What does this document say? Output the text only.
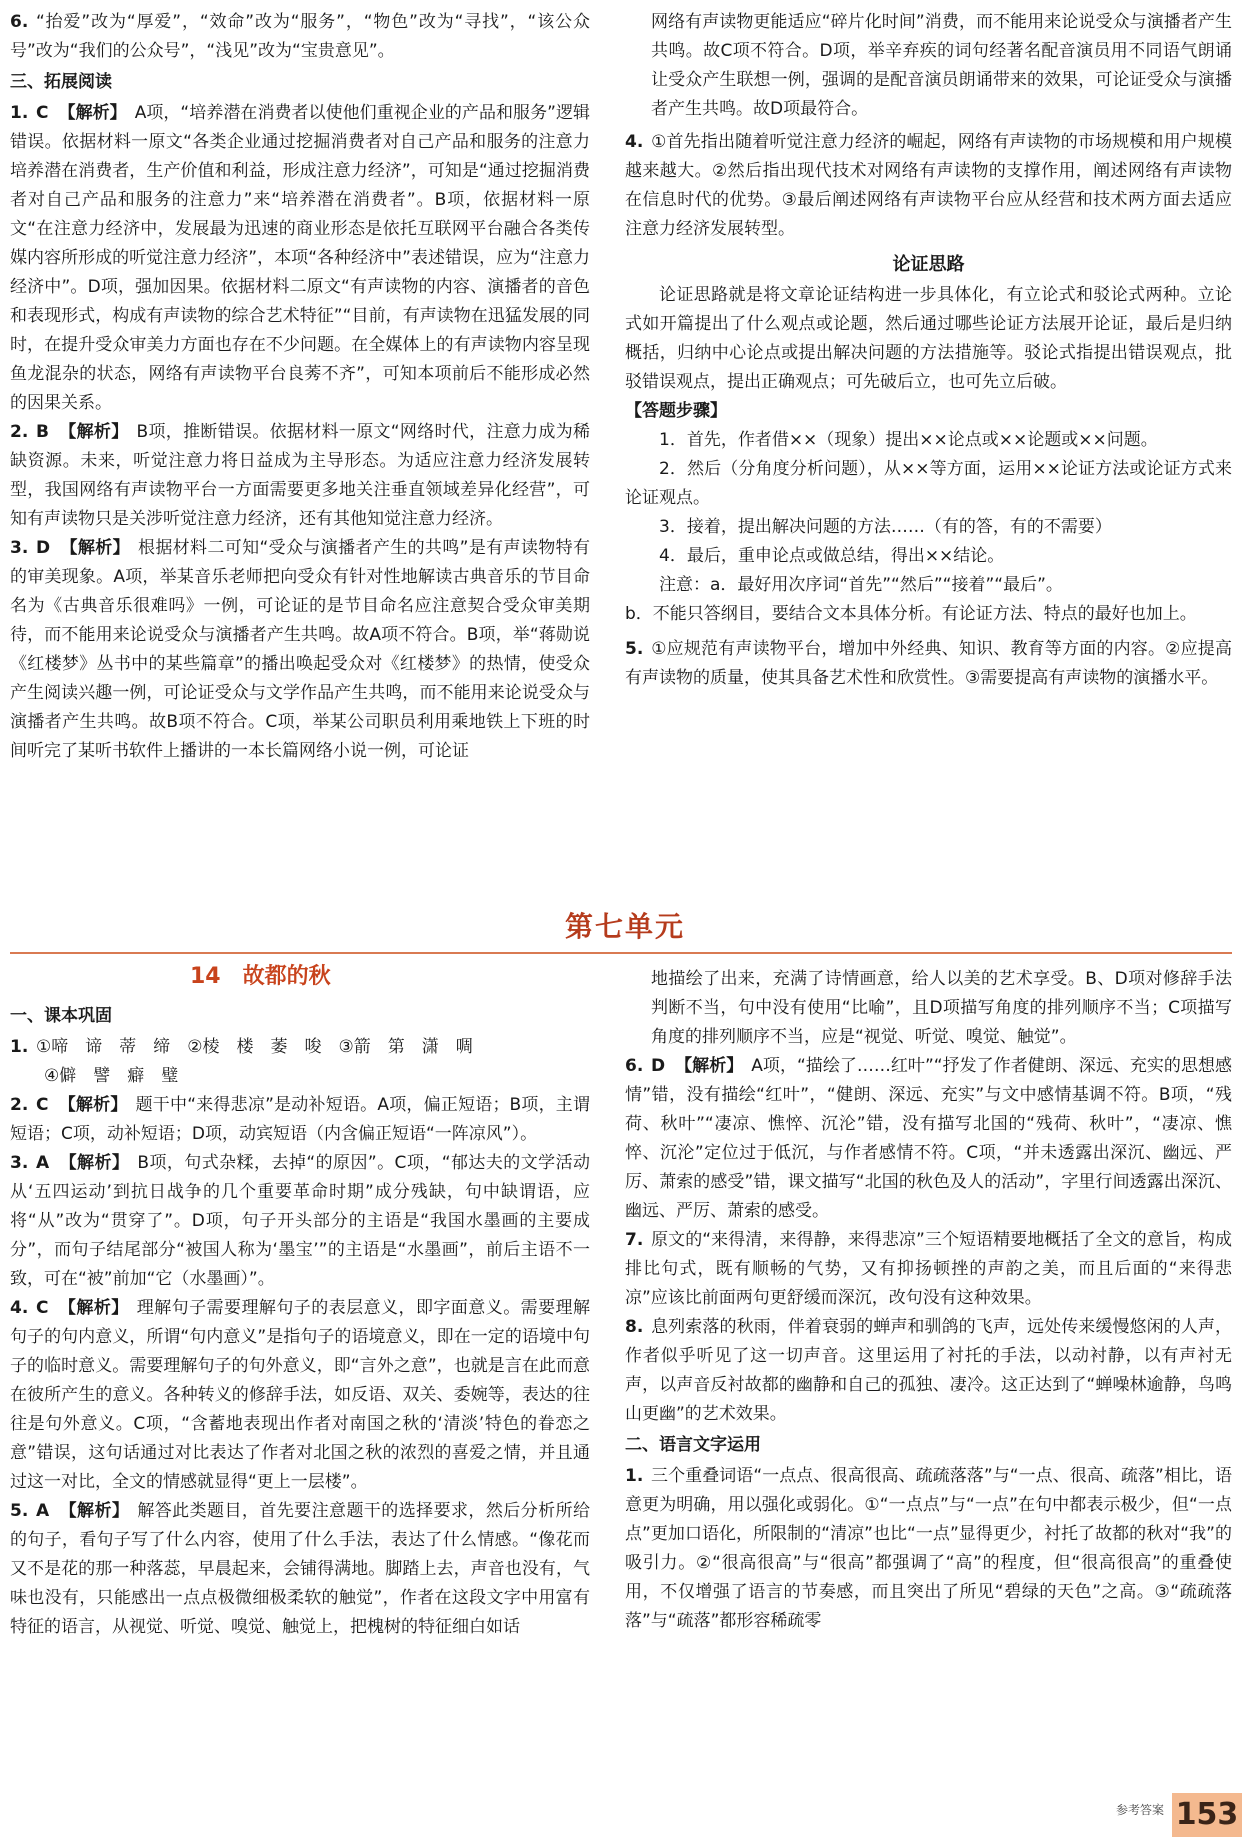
6. “抬爱”改为“厚爱”，“效命”改为“服务”，“物色”改为“寻找”，“该公众号”改为“我们的公众号”，“浅见”改为“宝贵意见”。

三、拓展阅读

1. C 【解析】 A项，“培养潜在消费者以使他们重视企业的产品和服务”逻辑错误。依据材料一原文“各类企业通过挖掘消费者对自己产品和服务的注意力培养潜在消费者，生产价值和利益，形成注意力经济”，可知是“通过挖掘消费者对自己产品和服务的注意力”来“培养潜在消费者”。B项，依据材料一原文“在注意力经济中，发展最为迅速的商业形态是依托互联网平台融合各类传媒内容所形成的听觉注意力经济”，本项“各种经济中”表述错误，应为“注意力经济中”。D项，强加因果。依据材料二原文“有声读物的内容、演播者的音色和表现形式，构成有声读物的综合艺术特征”“目前，有声读物在迅猛发展的同时，在提升受众审美力方面也存在不少问题。在全媒体上的有声读物内容呈现鱼龙混杂的状态，网络有声读物平台良莠不齐”，可知本项前后不能形成必然的因果关系。

2. B 【解析】 B项，推断错误。依据材料一原文“网络时代，注意力成为稀缺资源。未来，听觉注意力将日益成为主导形态。为适应注意力经济发展转型，我国网络有声读物平台一方面需要更多地关注垂直领域差异化经营”，可知有声读物只是关涉听觉注意力经济，还有其他知觉注意力经济。

3. D 【解析】 根据材料二可知“受众与演播者产生的共鸣”是有声读物特有的审美现象。A项，举某音乐老师把向受众有针对性地解读古典音乐的节目命名为《古典音乐很难吗》一例，可论证的是节目命名应注意契合受众审美期待，而不能用来论说受众与演播者产生共鸣。故A项不符合。B项，举“蒋勋说《红楼梦》丛书中的某些篇章”的播出唤起受众对《红楼梦》的热情，使受众产生阅读兴趣一例，可论证受众与文学作品产生共鸣，而不能用来论说受众与演播者产生共鸣。故B项不符合。C项，举某公司职员利用乘地铁上下班的时间听完了某听书软件上播讲的一本长篇网络小说一例，可论证

网络有声读物更能适应“碎片化时间”消费，而不能用来论说受众与演播者产生共鸣。故C项不符合。D项，举辛弃疾的词句经著名配音演员用不同语气朗诵让受众产生联想一例，强调的是配音演员朗诵带来的效果，可论证受众与演播者产生共鸣。故D项最符合。

4. ①首先指出随着听觉注意力经济的崛起，网络有声读物的市场规模和用户规模越来越大。②然后指出现代技术对网络有声读物的支撑作用，阐述网络有声读物在信息时代的优势。③最后阐述网络有声读物平台应从经营和技术两方面去适应注意力经济发展转型。

论证思路

论证思路就是将文章论证结构进一步具体化，有立论式和驳论式两种。立论式如开篇提出了什么观点或论题，然后通过哪些论证方法展开论证，最后是归纳概括，归纳中心论点或提出解决问题的方法措施等。驳论式指提出错误观点，批驳错误观点，提出正确观点；可先破后立，也可先立后破。

【答题步骤】

1．首先，作者借××（现象）提出××论点或××论题或××问题。

2．然后（分角度分析问题），从××等方面，运用××论证方法或论证方式来论证观点。

3．接着，提出解决问题的方法……（有的答，有的不需要）

4．最后，重申论点或做总结，得出××结论。

注意：a．最好用次序词“首先”“然后”“接着”“最后”。

b．不能只答纲目，要结合文本具体分析。有论证方法、特点的最好也加上。

5. ①应规范有声读物平台，增加中外经典、知识、教育等方面的内容。②应提高有声读物的质量，使其具备艺术性和欣赏性。③需要提高有声读物的演播水平。

第七单元
14 故都的秋
一、课本巩固

1. ①啼　谛　蒂　缔　②棱　楼　萎　唆　③箭　第　潇　啁

④僻　譬　癖　璧

2. C 【解析】 题干中“来得悲凉”是动补短语。A项，偏正短语；B项，主谓短语；C项，动补短语；D项，动宾短语（内含偏正短语“一阵凉风”）。

3. A 【解析】 B项，句式杂糅，去掉“的原因”。C项，“郁达夫的文学活动从‘五四运动’到抗日战争的几个重要革命时期”成分残缺，句中缺谓语，应将“从”改为“贯穿了”。D项，句子开头部分的主语是“我国水墨画的主要成分”，而句子结尾部分“被国人称为‘墨宝’”的主语是“水墨画”，前后主语不一致，可在“被”前加“它（水墨画）”。

4. C 【解析】 理解句子需要理解句子的表层意义，即字面意义。需要理解句子的句内意义，所谓“句内意义”是指句子的语境意义，即在一定的语境中句子的临时意义。需要理解句子的句外意义，即“言外之意”，也就是言在此而意在彼所产生的意义。各种转义的修辞手法，如反语、双关、委婉等，表达的往往是句外意义。C项，“含蓄地表现出作者对南国之秋的‘清淡’特色的眷恋之意”错误，这句话通过对比表达了作者对北国之秋的浓烈的喜爱之情，并且通过这一对比，全文的情感就显得“更上一层楼”。

5. A 【解析】 解答此类题目，首先要注意题干的选择要求，然后分析所给的句子，看句子写了什么内容，使用了什么手法，表达了什么情感。“像花而又不是花的那一种落蕊，早晨起来，会铺得满地。脚踏上去，声音也没有，气味也没有，只能感出一点点极微细极柔软的触觉”，作者在这段文字中用富有特征的语言，从视觉、听觉、嗅觉、触觉上，把槐树的特征细白如话

地描绘了出来，充满了诗情画意，给人以美的艺术享受。B、D项对修辞手法判断不当，句中没有使用“比喻”，且D项描写角度的排列顺序不当；C项描写角度的排列顺序不当，应是“视觉、听觉、嗅觉、触觉”。

6. D 【解析】 A项，“描绘了……红叶”“抒发了作者健朗、深远、充实的思想感情”错，没有描绘“红叶”，“健朗、深远、充实”与文中感情基调不符。B项，“残荷、秋叶”“凄凉、憔悴、沉沦”错，没有描写北国的“残荷、秋叶”，“凄凉、憔悴、沉沦”定位过于低沉，与作者感情不符。C项，“并未透露出深沉、幽远、严厉、萧索的感受”错，课文描写“北国的秋色及人的活动”，字里行间透露出深沉、幽远、严厉、萧索的感受。

7. 原文的“来得清，来得静，来得悲凉”三个短语精要地概括了全文的意旨，构成排比句式，既有顺畅的气势，又有抑扬顿挫的声韵之美，而且后面的“来得悲凉”应该比前面两句更舒缓而深沉，改句没有这种效果。

8. 息列索落的秋雨，伴着衰弱的蝉声和驯鸽的飞声，远处传来缓慢悠闲的人声，作者似乎听见了这一切声音。这里运用了衬托的手法，以动衬静，以有声衬无声，以声音反衬故都的幽静和自己的孤独、凄冷。这正达到了“蝉噪林逾静，鸟鸣山更幽”的艺术效果。

二、语言文字运用

1. 三个重叠词语“一点点、很高很高、疏疏落落”与“一点、很高、疏落”相比，语意更为明确，用以强化或弱化。①“一点点”与“一点”在句中都表示极少，但“一点点”更加口语化，所限制的“清凉”也比“一点”显得更少，衬托了故都的秋对“我”的吸引力。②“很高很高”与“很高”都强调了“高”的程度，但“很高很高”的重叠使用，不仅增强了语言的节奏感，而且突出了所见“碧绿的天色”之高。③“疏疏落落”与“疏落”都形容稀疏零

参考答案 153
